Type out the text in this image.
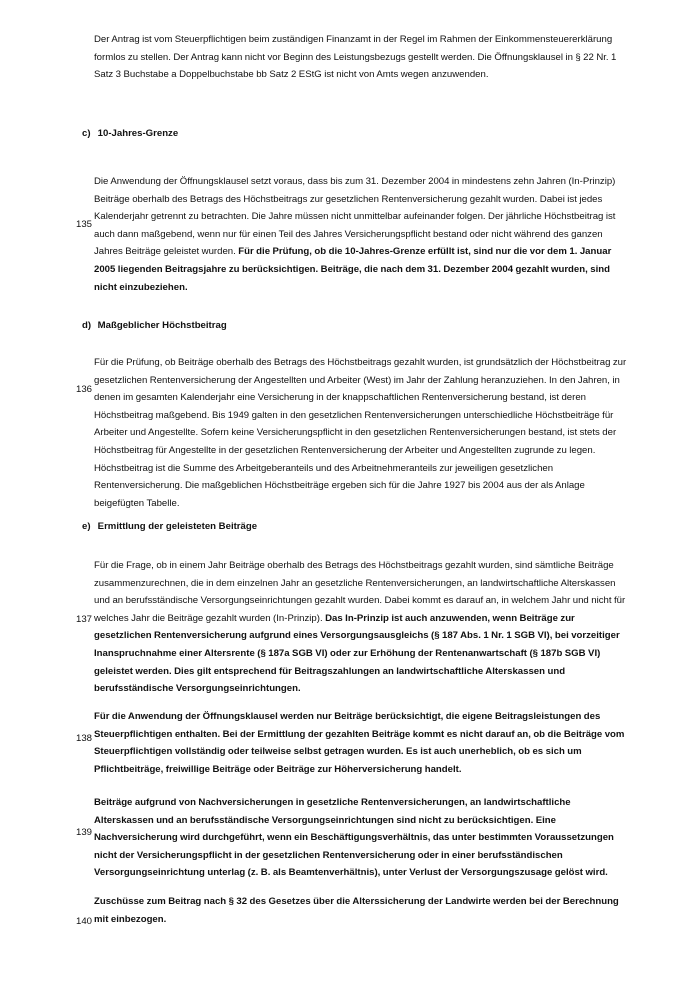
Der Antrag ist vom Steuerpflichtigen beim zuständigen Finanzamt in der Regel im Rahmen der Einkommensteuererklärung formlos zu stellen. Der Antrag kann nicht vor Beginn des Leistungsbezugs gestellt werden. Die Öffnungsklausel in § 22 Nr. 1 Satz 3 Buchstabe a Doppelbuchstabe bb Satz 2 EStG ist nicht von Amts wegen anzuwenden.

c) 10-Jahres-Grenze

Die Anwendung der Öffnungsklausel setzt voraus, dass bis zum 31. Dezember 2004 in mindestens zehn Jahren (In-Prinzip) Beiträge oberhalb des Betrags des Höchstbeitrags zur gesetzlichen Rentenversicherung gezahlt wurden. Dabei ist jedes Kalenderjahr getrennt zu betrachten. Die Jahre müssen nicht unmittelbar aufeinander folgen. Der jährliche Höchstbeitrag ist auch dann maßgebend, wenn nur für einen Teil des Jahres Versicherungspflicht bestand oder nicht während des ganzen Jahres Beiträge geleistet wurden. Für die Prüfung, ob die 10-Jahres-Grenze erfüllt ist, sind nur die vor dem 1. Januar 2005 liegenden Beitragsjahre zu berücksichtigen. Beiträge, die nach dem 31. Dezember 2004 gezahlt wurden, sind nicht einzubeziehen.

135
d) Maßgeblicher Höchstbeitrag

Für die Prüfung, ob Beiträge oberhalb des Betrags des Höchstbeitrags gezahlt wurden, ist grundsätzlich der Höchstbeitrag zur gesetzlichen Rentenversicherung der Angestellten und Arbeiter (West) im Jahr der Zahlung heranzuziehen. In den Jahren, in denen im gesamten Kalenderjahr eine Versicherung in der knappschaftlichen Rentenversicherung bestand, ist deren Höchstbeitrag maßgebend. Bis 1949 galten in den gesetzlichen Rentenversicherungen unterschiedliche Höchstbeiträge für Arbeiter und Angestellte. Sofern keine Versicherungspflicht in den gesetzlichen Rentenversicherungen bestand, ist stets der Höchstbeitrag für Angestellte in der gesetzlichen Rentenversicherung der Arbeiter und Angestellten zugrunde zu legen. Höchstbeitrag ist die Summe des Arbeitgeberanteils und des Arbeitnehmeranteils zur jeweiligen gesetzlichen Rentenversicherung. Die maßgeblichen Höchstbeiträge ergeben sich für die Jahre 1927 bis 2004 aus der als Anlage beigefügten Tabelle.

136
e) Ermittlung der geleisteten Beiträge

Für die Frage, ob in einem Jahr Beiträge oberhalb des Betrags des Höchstbeitrags gezahlt wurden, sind sämtliche Beiträge zusammenzurechnen, die in dem einzelnen Jahr an gesetzliche Rentenversicherungen, an landwirtschaftliche Alterskassen und an berufsständische Versorgungseinrichtungen gezahlt wurden. Dabei kommt es darauf an, in welchem Jahr und nicht für welches Jahr die Beiträge gezahlt wurden (In-Prinzip). Das In-Prinzip ist auch anzuwenden, wenn Beiträge zur gesetzlichen Rentenversicherung aufgrund eines Versorgungsausgleichs (§ 187 Abs. 1 Nr. 1 SGB VI), bei vorzeitiger Inanspruchnahme einer Altersrente (§ 187a SGB VI) oder zur Erhöhung der Rentenanwartschaft (§ 187b SGB VI) geleistet werden. Dies gilt entsprechend für Beitragszahlungen an landwirtschaftliche Alterskassen und berufsständische Versorgungseinrichtungen.

137

Für die Anwendung der Öffnungsklausel werden nur Beiträge berücksichtigt, die eigene Beitragsleistungen des Steuerpflichtigen enthalten. Bei der Ermittlung der gezahlten Beiträge kommt es nicht darauf an, ob die Beiträge vom Steuerpflichtigen vollständig oder teilweise selbst getragen wurden. Es ist auch unerheblich, ob es sich um Pflichtbeiträge, freiwillige Beiträge oder Beiträge zur Höherversicherung handelt.

138

Beiträge aufgrund von Nachversicherungen in gesetzliche Rentenversicherungen, an landwirtschaftliche Alterskassen und an berufsständische Versorgungseinrichtungen sind nicht zu berücksichtigen. Eine Nachversicherung wird durchgeführt, wenn ein Beschäftigungsverhältnis, das unter bestimmten Voraussetzungen nicht der Versicherungspflicht in der gesetzlichen Rentenversicherung oder in einer berufsständischen Versorgungseinrichtung unterlag (z. B. als Beamtenverhältnis), unter Verlust der Versorgungszusage gelöst wird.

139

Zuschüsse zum Beitrag nach § 32 des Gesetzes über die Alterssicherung der Landwirte werden bei der Berechnung mit einbezogen.

140
